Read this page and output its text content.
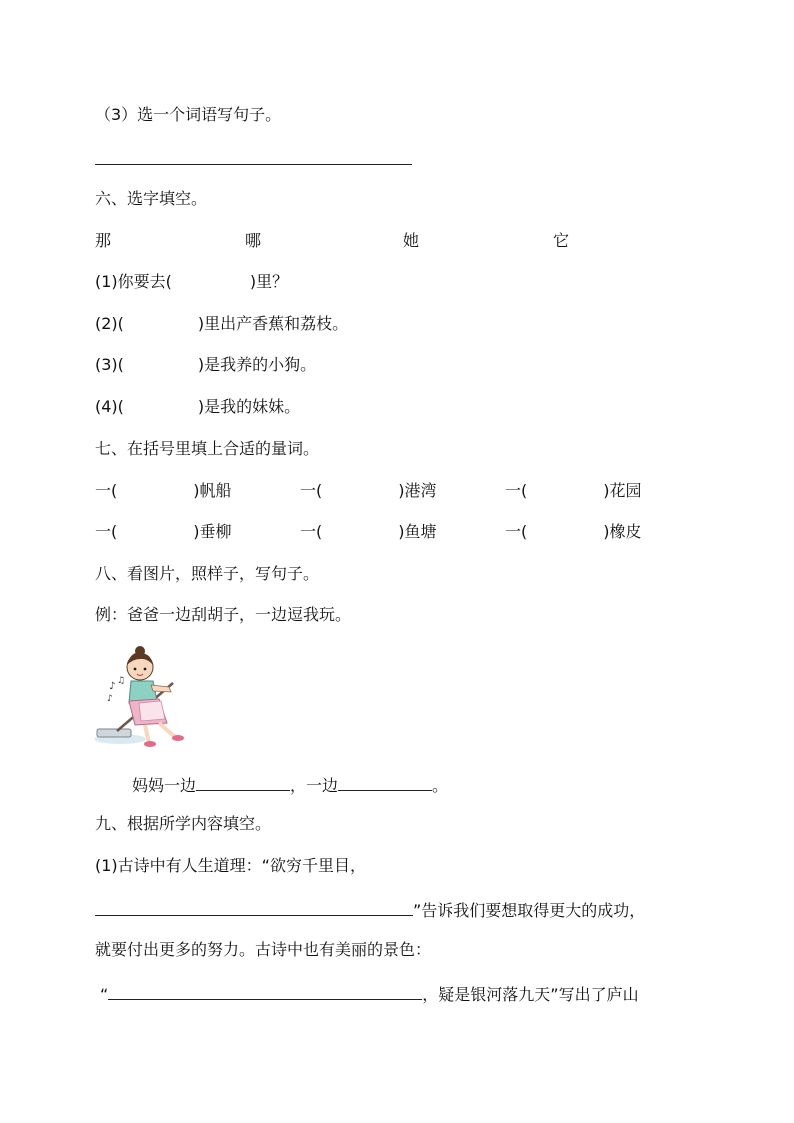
（3）选一个词语写句子。
六、选字填空。
那	哪	她	它
(1)你要去(	)里？
(2)(	)里出产香蕉和荔枝。
(3)(	)是我养的小狗。
(4)(	)是我的妹妹。
七、在括号里填上合适的量词。
一(	)帆船	一(	)港湾	一(	)花园
一(	)垂柳	一(	)鱼塘	一(	)橡皮
八、看图片，照样子，写句子。
例：爸爸一边刮胡子，一边逗我玩。
♪ ♫
♪
妈妈一边	，一边	。
九、根据所学内容填空。
(1)古诗中有人生道理：“欲穷千里目，
”告诉我们要想取得更大的成功，
就要付出更多的努力。古诗中也有美丽的景色：
“	，疑是银河落九天”写出了庐山
